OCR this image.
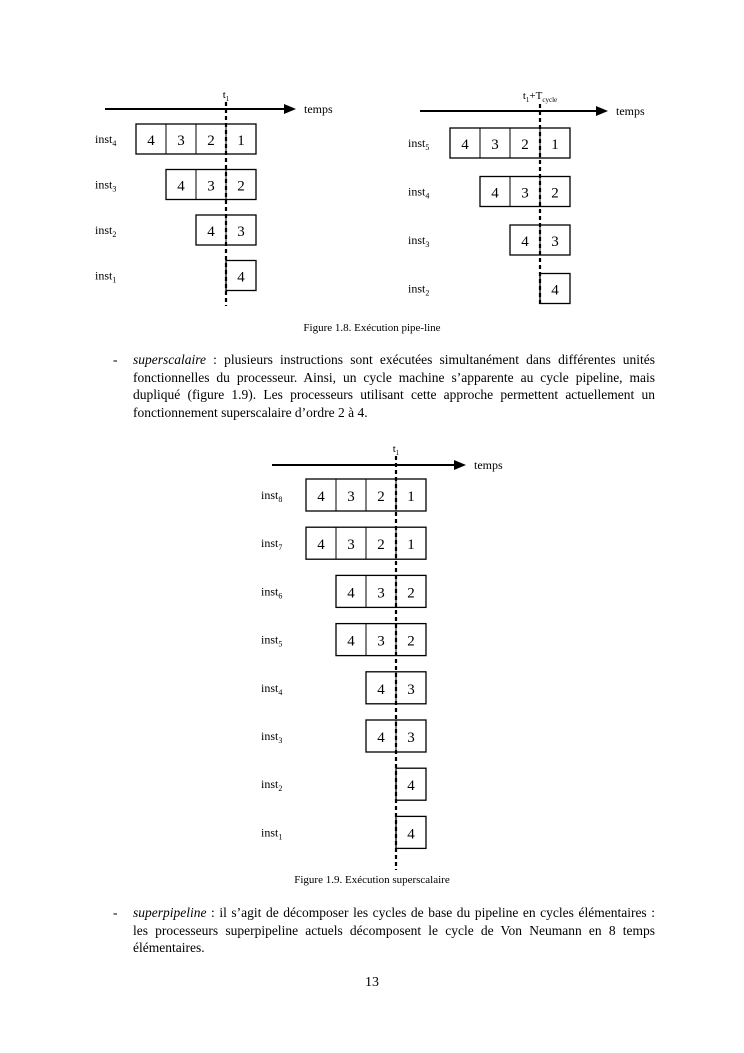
temps
$t_1$
inst$_4$ 4 3 2 1
inst$_3$	4 3 2
inst$_2$	4 3
inst$_1$	4
temps
$t_1+T_{cycle}$
inst$_5$ 4 3 2 1
inst$_4$	4 3 2
inst$_3$	4 3
inst$_2$	4
Figure 1.8. Exécution pipe-line
- superscalaire : plusieurs instructions sont exécutées simultanément dans différentes unités fonctionnelles du processeur. Ainsi, un cycle machine s’apparente au cycle pipeline, mais dupliqué (figure 1.9). Les processeurs utilisant cette approche permettent actuellement un fonctionnement superscalaire d’ordre 2 à 4.
temps
$t_1$
inst$_8$ 4 3 2 1
inst$_7$ 4 3 2 1
inst$_6$	4 3 2
inst$_5$	4 3 2
inst$_4$	4 3
inst$_3$	4 3
inst$_2$	4
inst$_1$	4
Figure 1.9. Exécution superscalaire
- superpipeline : il s’agit de décomposer les cycles de base du pipeline en cycles élémentaires : les processeurs superpipeline actuels décomposent le cycle de Von Neumann en 8 temps élémentaires.
13
